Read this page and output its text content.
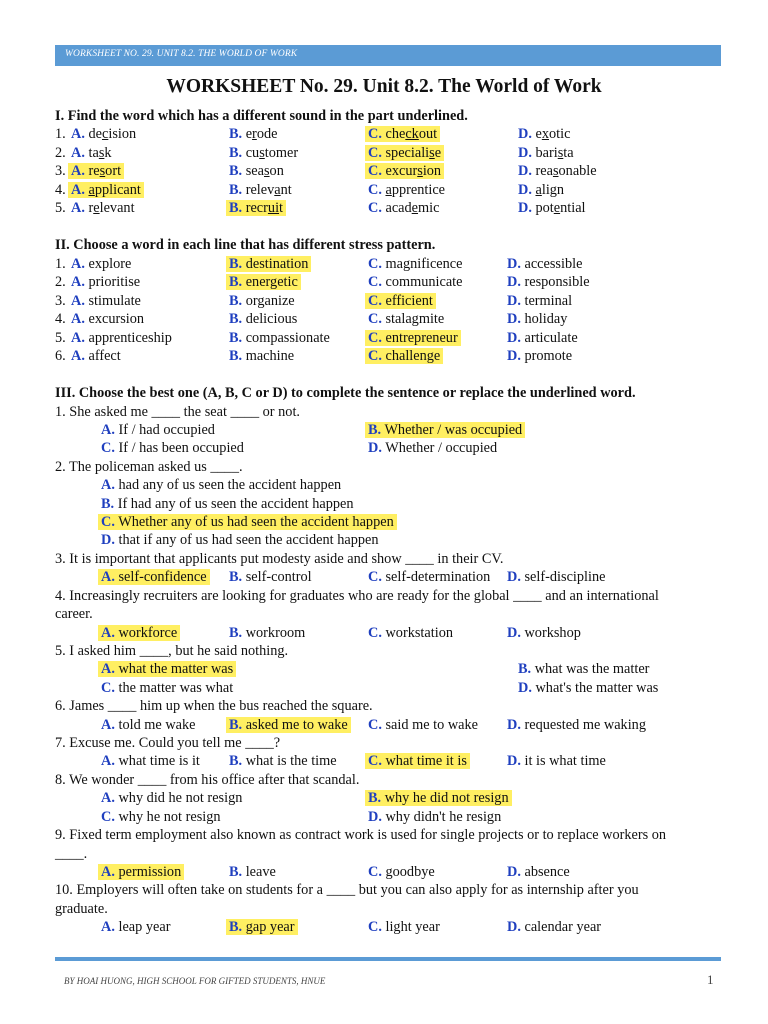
WORKSHEET NO. 29. UNIT 8.2. THE WORLD OF WORK
WORKSHEET No. 29. Unit 8.2. The World of Work
I. Find the word which has a different sound in the part underlined.
1. A. decision	B. erode	C. checkout	D. exotic
2. A. task	B. customer	C. specialise	D. barista
3. A. resort	B. season	C. excursion	D. reasonable
4. A. applicant	B. relevant	C. apprentice	D. align
5. A. relevant	B. recruit	C. academic	D. potential
II. Choose a word in each line that has different stress pattern.
1. A. explore	B. destination	C. magnificence	D. accessible
2. A. prioritise	B. energetic	C. communicate	D. responsible
3. A. stimulate	B. organize	C. efficient	D. terminal
4. A. excursion	B. delicious	C. stalagmite	D. holiday
5. A. apprenticeship	B. compassionate	C. entrepreneur	D. articulate
6. A. affect	B. machine	C. challenge	D. promote
III. Choose the best one (A, B, C or D) to complete the sentence or replace the underlined word.
1. She asked me ____ the seat ____ or not.
A. If / had occupied	B. Whether / was occupied
C. If / has been occupied	D. Whether / occupied
2. The policeman asked us ____.
A. had any of us seen the accident happen
B. If had any of us seen the accident happen
C. Whether any of us had seen the accident happen
D. that if any of us had seen the accident happen
3. It is important that applicants put modesty aside and show ____ in their CV.
A. self-confidence B. self-control	C. self-determination D. self-discipline
4. Increasingly recruiters are looking for graduates who are ready for the global ____ and an international
career.
A. workforce	B. workroom	C. workstation	D. workshop
5. I asked him ____, but he said nothing.
A. what the matter was	B. what was the matter
C. the matter was what	D. what's the matter was
6. James ____ him up when the bus reached the square.
A. told me wake B. asked me to wake C. said me to wake D. requested me waking
7. Excuse me. Could you tell me ____?
A. what time is it B. what is the time C. what time it is	D. it is what time
8. We wonder ____ from his office after that scandal.
A. why did he not resign	B. why he did not resign
C. why he not resign	D. why didn't he resign
9. Fixed term employment also known as contract work is used for single projects or to replace workers on
____.
A. permission	B. leave	C. goodbye	D. absence
10. Employers will often take on students for a ____ but you can also apply for as internship after you
graduate.
A. leap year	B. gap year	C. light year	D. calendar year
BY HOAI HUONG, HIGH SCHOOL FOR GIFTED STUDENTS, HNUE	1
